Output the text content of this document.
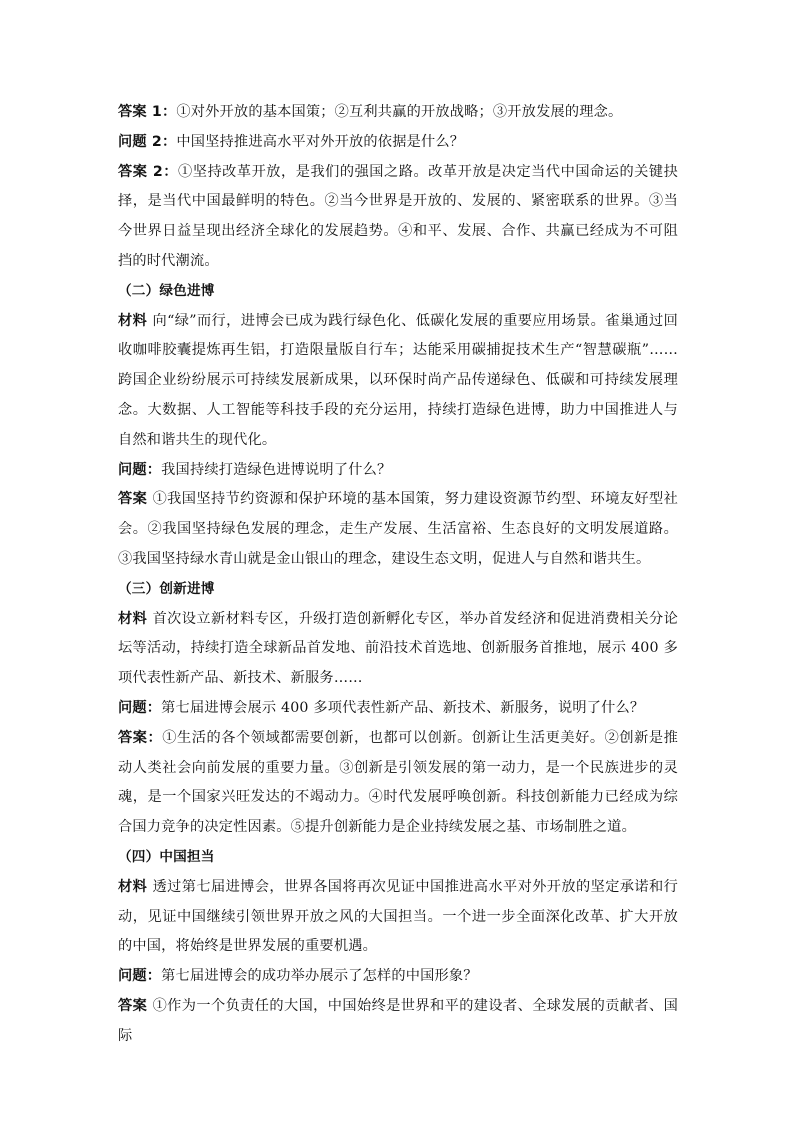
答案 1：①对外开放的基本国策；②互利共赢的开放战略；③开放发展的理念。

问题 2：中国坚持推进高水平对外开放的依据是什么？

答案 2：①坚持改革开放，是我们的强国之路。改革开放是决定当代中国命运的关键抉择，是当代中国最鲜明的特色。②当今世界是开放的、发展的、紧密联系的世界。③当今世界日益呈现出经济全球化的发展趋势。④和平、发展、合作、共赢已经成为不可阻挡的时代潮流。

（二）绿色进博

材料 向“绿”而行，进博会已成为践行绿色化、低碳化发展的重要应用场景。雀巢通过回收咖啡胶囊提炼再生铝，打造限量版自行车；达能采用碳捕捉技术生产“智慧碳瓶”……跨国企业纷纷展示可持续发展新成果，以环保时尚产品传递绿色、低碳和可持续发展理念。大数据、人工智能等科技手段的充分运用，持续打造绿色进博，助力中国推进人与自然和谐共生的现代化。

问题：我国持续打造绿色进博说明了什么？

答案 ①我国坚持节约资源和保护环境的基本国策，努力建设资源节约型、环境友好型社会。②我国坚持绿色发展的理念，走生产发展、生活富裕、生态良好的文明发展道路。③我国坚持绿水青山就是金山银山的理念，建设生态文明，促进人与自然和谐共生。

（三）创新进博

材料 首次设立新材料专区，升级打造创新孵化专区，举办首发经济和促进消费相关分论坛等活动，持续打造全球新品首发地、前沿技术首选地、创新服务首推地，展示 400 多项代表性新产品、新技术、新服务……

问题：第七届进博会展示 400 多项代表性新产品、新技术、新服务，说明了什么？

答案：①生活的各个领域都需要创新，也都可以创新。创新让生活更美好。②创新是推动人类社会向前发展的重要力量。③创新是引领发展的第一动力，是一个民族进步的灵魂，是一个国家兴旺发达的不竭动力。④时代发展呼唤创新。科技创新能力已经成为综合国力竞争的决定性因素。⑤提升创新能力是企业持续发展之基、市场制胜之道。

（四）中国担当

材料 透过第七届进博会，世界各国将再次见证中国推进高水平对外开放的坚定承诺和行动，见证中国继续引领世界开放之风的大国担当。一个进一步全面深化改革、扩大开放的中国，将始终是世界发展的重要机遇。

问题：第七届进博会的成功举办展示了怎样的中国形象？

答案 ①作为一个负责任的大国，中国始终是世界和平的建设者、全球发展的贡献者、国际
